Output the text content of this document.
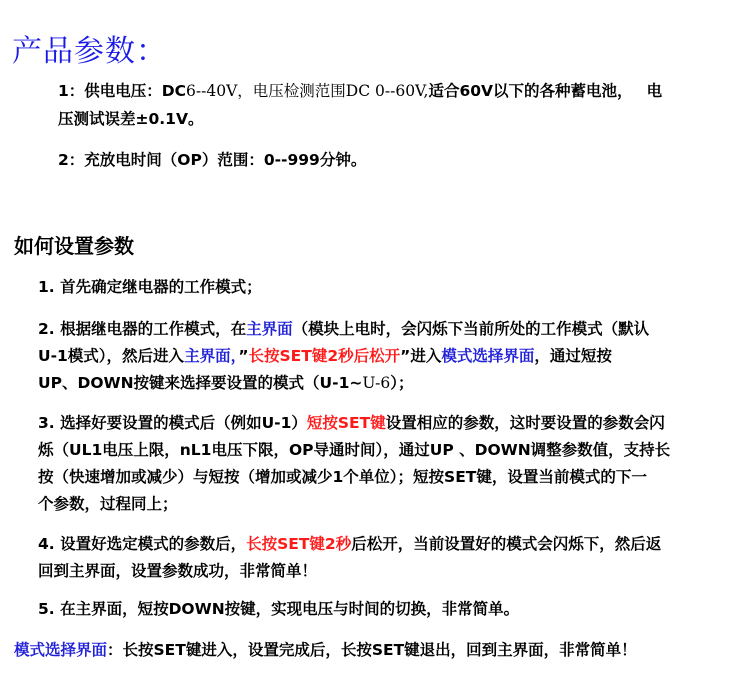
产品参数：
1：供电电压：DC6--40V，电压检测范围DC 0--60V,适合60V以下的各种蓄电池， 电
压测试误差±0.1V。
2：充放电时间（OP）范围：0--999分钟。
如何设置参数
1. 首先确定继电器的工作模式；
2. 根据继电器的工作模式，在主界面（模块上电时，会闪烁下当前所处的工作模式（默认
U-1模式），然后进入主界面，”长按SET键2秒后松开”进入模式选择界面，通过短按
UP、DOWN按键来选择要设置的模式（U-1~U-6）；
3. 选择好要设置的模式后（例如U-1）短按SET键设置相应的参数，这时要设置的参数会闪
烁（UL1电压上限，nL1电压下限，OP导通时间），通过UP 、DOWN调整参数值，支持长
按（快速增加或减少）与短按（增加或减少1个单位）；短按SET键，设置当前模式的下一
个参数，过程同上；
4. 设置好选定模式的参数后，长按SET键2秒后松开，当前设置好的模式会闪烁下，然后返
回到主界面，设置参数成功，非常简单！
5. 在主界面，短按DOWN按键，实现电压与时间的切换，非常简单。
模式选择界面：长按SET键进入，设置完成后，长按SET键退出，回到主界面，非常简单！
